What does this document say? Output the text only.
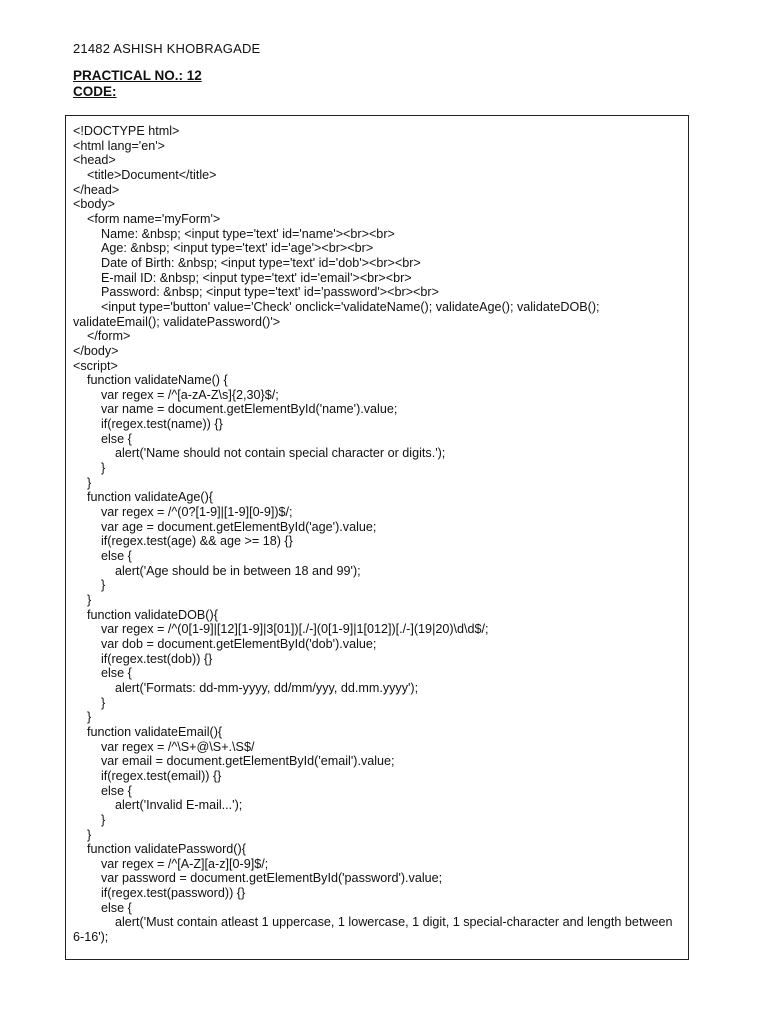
21482 ASHISH KHOBRAGADE
PRACTICAL NO.: 12
CODE:
<!DOCTYPE html>
<html lang='en'>
<head>
<title>Document</title>
</head>
<body>
<form name='myForm'>
Name: &nbsp; <input type='text' id='name'><br><br>
Age: &nbsp; <input type='text' id='age'><br><br>
Date of Birth: &nbsp; <input type='text' id='dob'><br><br>
E-mail ID: &nbsp; <input type='text' id='email'><br><br>
Password: &nbsp; <input type='text' id='password'><br><br>
<input type='button' value='Check' onclick='validateName(); validateAge(); validateDOB(); validateEmail(); validatePassword()'>
</form>
</body>
<script>
function validateName() {
var regex = /^[a-zA-Z\s]{2,30}$/;
var name = document.getElementById('name').value;
if(regex.test(name)) {}
else {
alert('Name should not contain special character or digits.');
}
}
function validateAge(){
var regex = /^(0?[1-9]|[1-9][0-9])$/;
var age = document.getElementById('age').value;
if(regex.test(age) && age >= 18) {}
else {
alert('Age should be in between 18 and 99');
}
}
function validateDOB(){
var regex = /^(0[1-9]|[12][1-9]|3[01])[./-](0[1-9]|1[012])[./-](19|20)\d\d$/;
var dob = document.getElementById('dob').value;
if(regex.test(dob)) {}
else {
alert('Formats: dd-mm-yyyy, dd/mm/yyy, dd.mm.yyyy');
}
}
function validateEmail(){
var regex = /^\S+@\S+.\S$/
var email = document.getElementById('email').value;
if(regex.test(email)) {}
else {
alert('Invalid E-mail...');
}
}
function validatePassword(){
var regex = /^[A-Z][a-z][0-9]$/;
var password = document.getElementById('password').value;
if(regex.test(password)) {}
else {
alert('Must contain atleast 1 uppercase, 1 lowercase, 1 digit, 1 special-character and length between 6-16');
